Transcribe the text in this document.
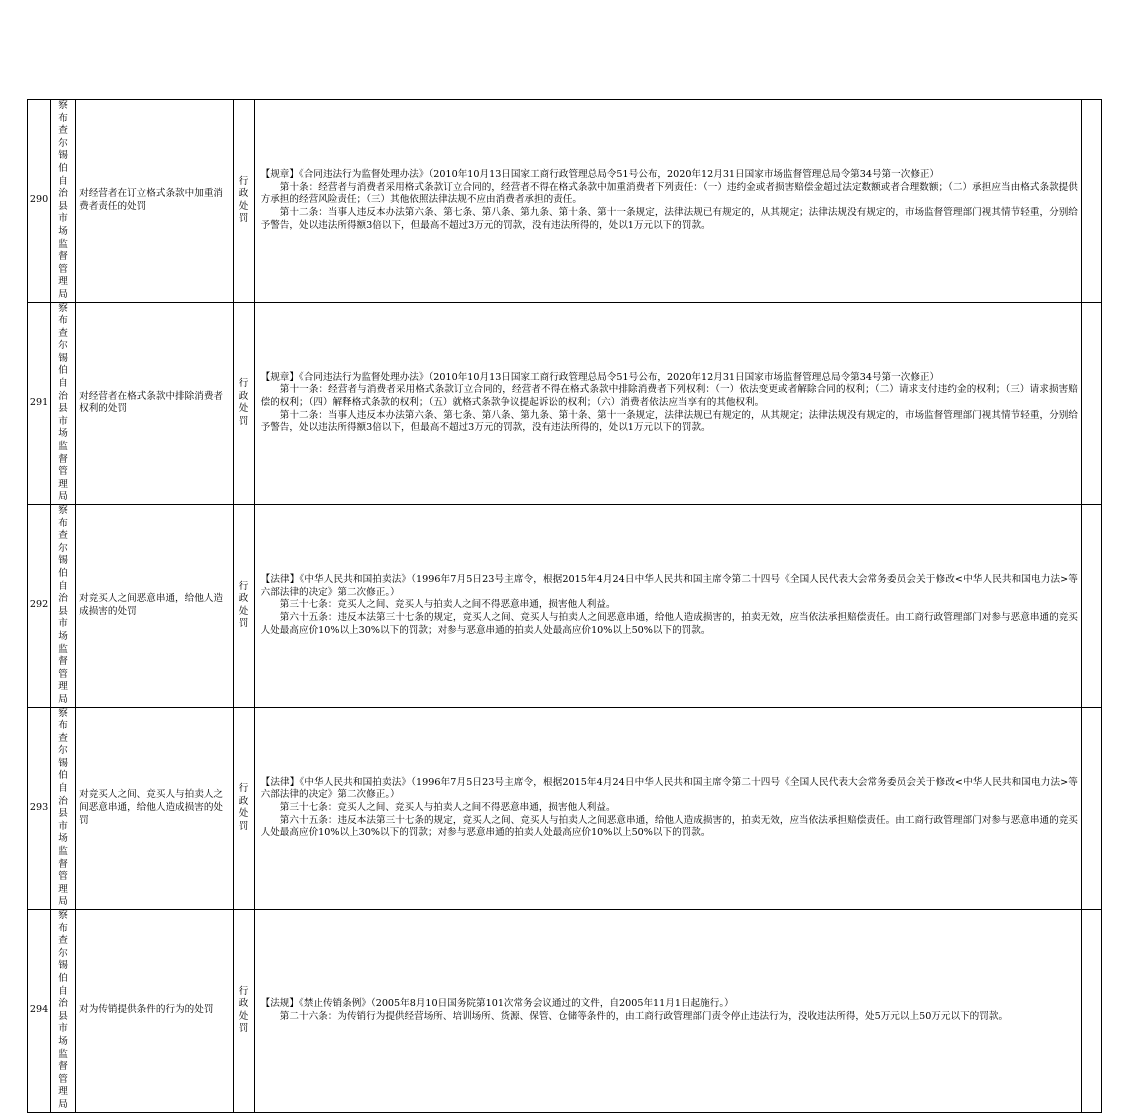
290	察布查尔锡伯自治县市场监督管理局	对经营者在订立格式条款中加重消费者责任的处罚	行政处罚	【规章】《合同违法行为监督处理办法》（2010年10月13日国家工商行政管理总局令51号公布，2020年12月31日国家市场监督管理总局令第34号第一次修正）
第十条：经营者与消费者采用格式条款订立合同的，经营者不得在格式条款中加重消费者下列责任：（一）违约金或者损害赔偿金超过法定数额或者合理数额；（二）承担应当由格式条款提供方承担的经营风险责任；（三）其他依照法律法规不应由消费者承担的责任。
第十二条：当事人违反本办法第六条、第七条、第八条、第九条、第十条、第十一条规定，法律法规已有规定的，从其规定；法律法规没有规定的，市场监督管理部门视其情节轻重，分别给予警告，处以违法所得额3倍以下，但最高不超过3万元的罚款，没有违法所得的，处以1万元以下的罚款。	

291	察布查尔锡伯自治县市场监督管理局	对经营者在格式条款中排除消费者权利的处罚	行政处罚	【规章】《合同违法行为监督处理办法》（2010年10月13日国家工商行政管理总局令51号公布，2020年12月31日国家市场监督管理总局令第34号第一次修正）
第十一条：经营者与消费者采用格式条款订立合同的，经营者不得在格式条款中排除消费者下列权利：（一）依法变更或者解除合同的权利；（二）请求支付违约金的权利；（三）请求损害赔偿的权利；（四）解释格式条款的权利；（五）就格式条款争议提起诉讼的权利；（六）消费者依法应当享有的其他权利。
第十二条：当事人违反本办法第六条、第七条、第八条、第九条、第十条、第十一条规定，法律法规已有规定的，从其规定；法律法规没有规定的，市场监督管理部门视其情节轻重，分别给予警告，处以违法所得额3倍以下，但最高不超过3万元的罚款，没有违法所得的，处以1万元以下的罚款。	

292	察布查尔锡伯自治县市场监督管理局	对竞买人之间恶意串通，给他人造成损害的处罚	行政处罚	【法律】《中华人民共和国拍卖法》（1996年7月5日23号主席令，根据2015年4月24日中华人民共和国主席令第二十四号《全国人民代表大会常务委员会关于修改<中华人民共和国电力法>等六部法律的决定》第二次修正。）
第三十七条：竞买人之间、竞买人与拍卖人之间不得恶意串通，损害他人利益。
第六十五条：违反本法第三十七条的规定，竞买人之间、竞买人与拍卖人之间恶意串通，给他人造成损害的，拍卖无效，应当依法承担赔偿责任。由工商行政管理部门对参与恶意串通的竞买人处最高应价10%以上30%以下的罚款；对参与恶意串通的拍卖人处最高应价10%以上50%以下的罚款。	

293	察布查尔锡伯自治县市场监督管理局	对竞买人之间、竞买人与拍卖人之间恶意串通，给他人造成损害的处罚	行政处罚	【法律】《中华人民共和国拍卖法》（1996年7月5日23号主席令，根据2015年4月24日中华人民共和国主席令第二十四号《全国人民代表大会常务委员会关于修改<中华人民共和国电力法>等六部法律的决定》第二次修正。）
第三十七条：竞买人之间、竞买人与拍卖人之间不得恶意串通，损害他人利益。
第六十五条：违反本法第三十七条的规定，竞买人之间、竞买人与拍卖人之间恶意串通，给他人造成损害的，拍卖无效，应当依法承担赔偿责任。由工商行政管理部门对参与恶意串通的竞买人处最高应价10%以上30%以下的罚款；对参与恶意串通的拍卖人处最高应价10%以上50%以下的罚款。	

294	察布查尔锡伯自治县市场监督管理局	对为传销提供条件的行为的处罚	行政处罚	【法规】《禁止传销条例》（2005年8月10日国务院第101次常务会议通过的文件，自2005年11月1日起施行。）
第二十六条：为传销行为提供经营场所、培训场所、货源、保管、仓储等条件的，由工商行政管理部门责令停止违法行为，没收违法所得，处5万元以上50万元以下的罚款。	
